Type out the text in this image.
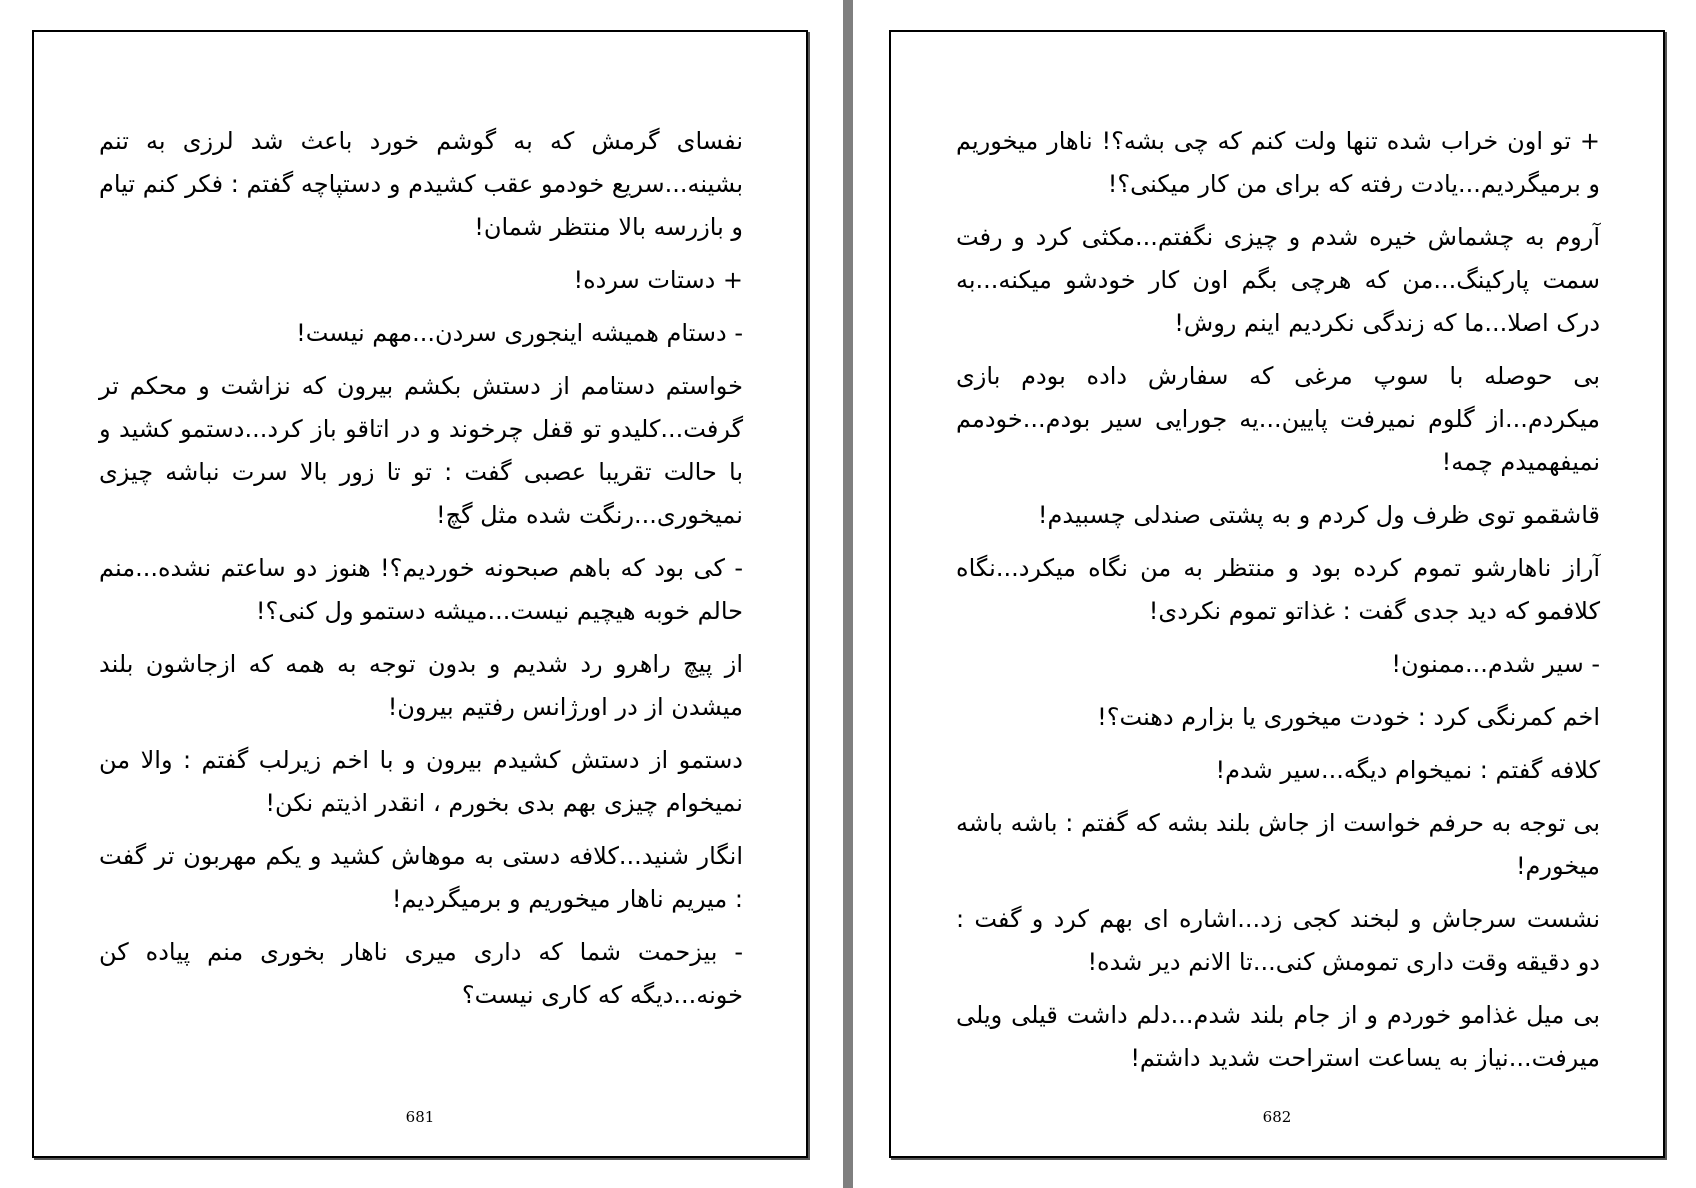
نفسای گرمش که به گوشم خورد باعث شد لرزی به تنم بشینه...سریع خودمو عقب کشیدم و دستپاچه گفتم : فکر کنم تیام و بازرسه بالا منتظر شمان!

+ دستات سرده!

- دستام همیشه اینجوری سردن...مهم نیست!

خواستم دستامم از دستش بکشم بیرون که نزاشت و محکم تر گرفت...کلیدو تو قفل چرخوند و در اتاقو باز کرد...دستمو کشید و با حالت تقریبا عصبی گفت : تو تا زور بالا سرت نباشه چیزی نمیخوری...رنگت شده مثل گچ!

- کی بود که باهم صبحونه خوردیم؟! هنوز دو ساعتم نشده...منم حالم خوبه هیچیم نیست...میشه دستمو ول کنی؟!

از پیچ راهرو رد شدیم و بدون توجه به همه که ازجاشون بلند میشدن از در اورژانس رفتیم بیرون!

دستمو از دستش کشیدم بیرون و با اخم زیرلب گفتم : والا من نمیخوام چیزی بهم بدی بخورم ، انقدر اذیتم نکن!

انگار شنید...کلافه دستی به موهاش کشید و یکم مهربون تر گفت : میریم ناهار میخوریم و برمیگردیم!

- بیزحمت شما که داری میری ناهار بخوری منم پیاده کن خونه...دیگه که کاری نیست؟

681

+ تو اون خراب شده تنها ولت کنم که چی بشه؟! ناهار میخوریم و برمیگردیم...یادت رفته که برای من کار میکنی؟!

آروم به چشماش خیره شدم و چیزی نگفتم...مکثی کرد و رفت سمت پارکینگ...من که هرچی بگم اون کار خودشو میکنه...به درک اصلا...ما که زندگی نکردیم اینم روش!

بی حوصله با سوپ مرغی که سفارش داده بودم بازی میکردم...از گلوم نمیرفت پایین...یه جورایی سیر بودم...خودمم نمیفهمیدم چمه!

قاشقمو توی ظرف ول کردم و به پشتی صندلی چسبیدم!

آراز ناهارشو تموم کرده بود و منتظر به من نگاه میکرد...نگاه کلافمو که دید جدی گفت : غذاتو تموم نکردی!

- سیر شدم...ممنون!

اخم کمرنگی کرد : خودت میخوری یا بزارم دهنت؟!

کلافه گفتم : نمیخوام دیگه...سیر شدم!

بی توجه به حرفم خواست از جاش بلند بشه که گفتم : باشه باشه میخورم!

نشست سرجاش و لبخند کجی زد...اشاره ای بهم کرد و گفت : دو دقیقه وقت داری تمومش کنی...تا الانم دیر شده!

بی میل غذامو خوردم و از جام بلند شدم...دلم داشت قیلی ویلی میرفت...نیاز به یساعت استراحت شدید داشتم!

682
